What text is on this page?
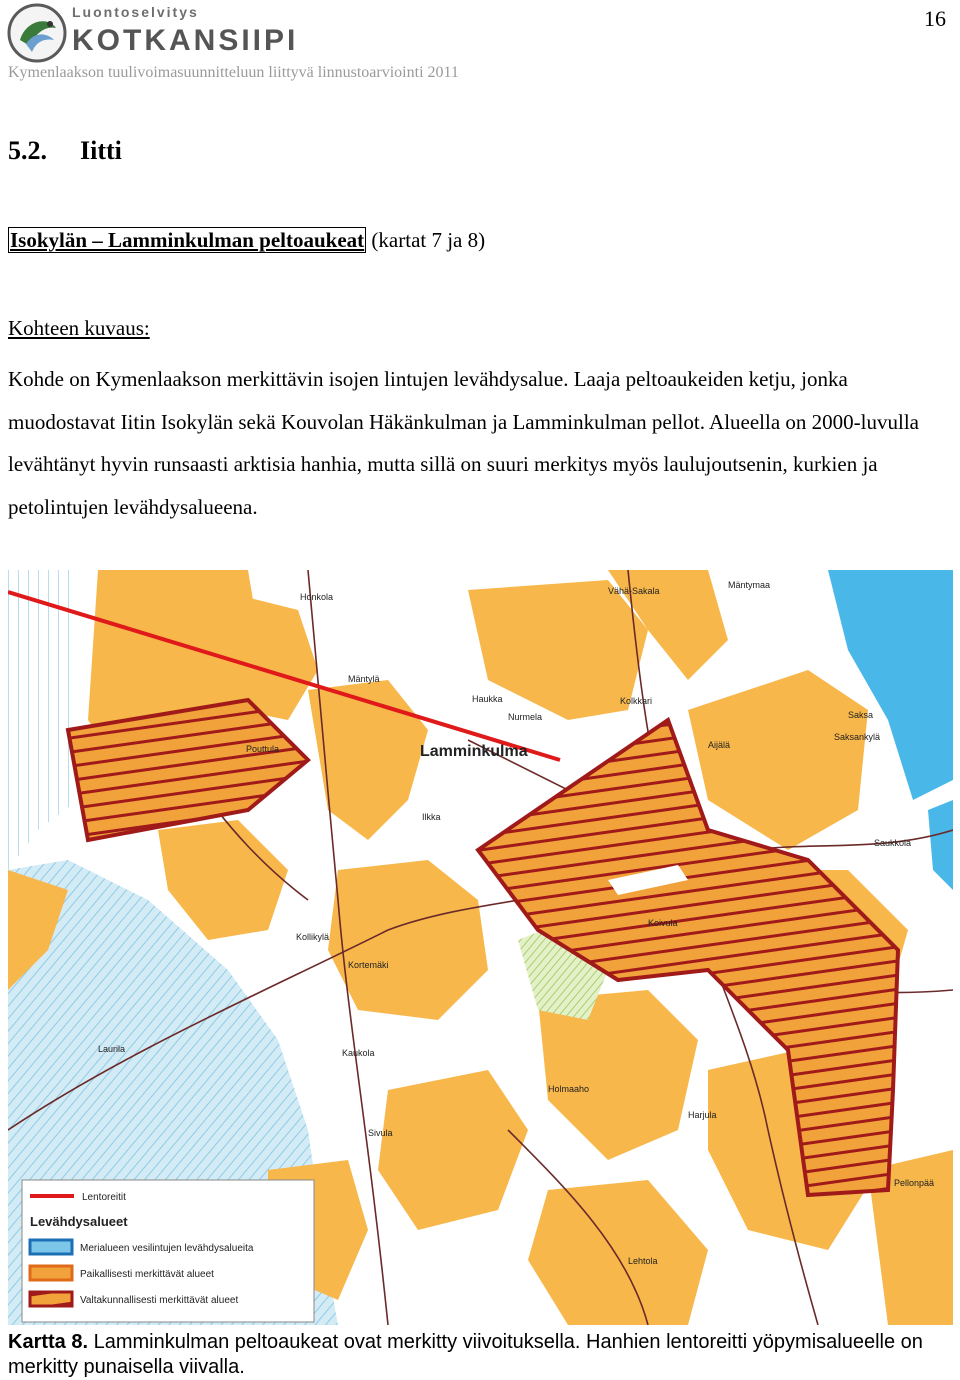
16
Luontoselvitys
KOTKANSIIPI
Kymenlaakson tuulivoimasuunnitteluun liittyvä linnustoarviointi 2011
5.2. Iitti
Isokylän – Lamminkulman peltoaukeat (kartat 7 ja 8)
Kohteen kuvaus:
Kohde on Kymenlaakson merkittävin isojen lintujen levähdysalue. Laaja peltoaukeiden ketju, jonka muodostavat Iitin Isokylän sekä Kouvolan Häkänkulman ja Lamminkulman pellot. Alueella on 2000-luvulla levähtänyt hyvin runsaasti arktisia hanhia, mutta sillä on suuri merkitys myös laulujoutsenin, kurkien ja petolintujen levähdysalueena.
Lamminkulma
Honkola
Mäntylä
Haukka
Nurmela
Pouttula
Ilkka
Kolkkari
Saksa
Saksankylä
Saukkola
Kollikylä
Kortemäki
Kaukola
Laurila
Holmaaho
Pellonpää
Koivula
Sivula
Vähä-Sakala
Aijälä
Harjula
Lehtola
Mäntymaa
Lentoreitit
Levähdysalueet
Merialueen vesilintujen levähdysalueita
Paikallisesti merkittävät alueet
Valtakunnallisesti merkittävät alueet
Kartta 8. Lamminkulman peltoaukeat ovat merkitty viivoituksella. Hanhien lentoreitti yöpymisalueelle on merkitty punaisella viivalla.
